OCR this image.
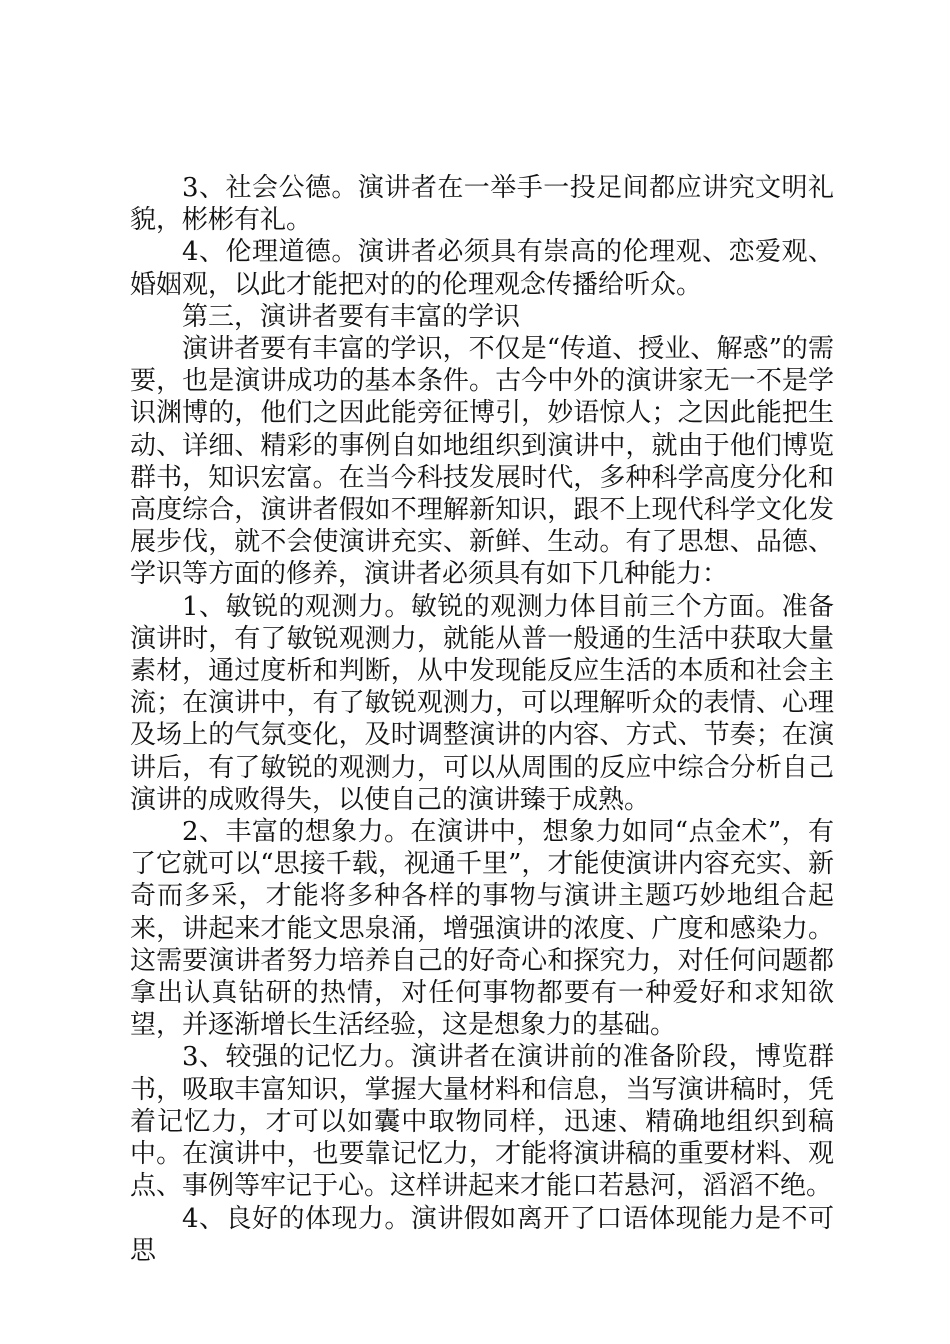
3、社会公德。演讲者在一举手一投足间都应讲究文明礼貌，彬彬有礼。

4、伦理道德。演讲者必须具有崇高的伦理观、恋爱观、婚姻观，以此才能把对的的伦理观念传播给听众。

第三，演讲者要有丰富的学识

演讲者要有丰富的学识，不仅是“传道、授业、解惑”的需要，也是演讲成功的基本条件。古今中外的演讲家无一不是学识渊博的，他们之因此能旁征博引，妙语惊人；之因此能把生动、详细、精彩的事例自如地组织到演讲中，就由于他们博览群书，知识宏富。在当今科技发展时代，多种科学高度分化和高度综合，演讲者假如不理解新知识，跟不上现代科学文化发展步伐，就不会使演讲充实、新鲜、生动。有了思想、品德、学识等方面的修养，演讲者必须具有如下几种能力：

1、敏锐的观测力。敏锐的观测力体目前三个方面。准备演讲时，有了敏锐观测力，就能从普一般通的生活中获取大量素材，通过度析和判断，从中发现能反应生活的本质和社会主流；在演讲中，有了敏锐观测力，可以理解听众的表情、心理及场上的气氛变化，及时调整演讲的内容、方式、节奏；在演讲后，有了敏锐的观测力，可以从周围的反应中综合分析自己演讲的成败得失，以使自己的演讲臻于成熟。

2、丰富的想象力。在演讲中，想象力如同“点金术”，有了它就可以“思接千载，视通千里”，才能使演讲内容充实、新奇而多采，才能将多种各样的事物与演讲主题巧妙地组合起来，讲起来才能文思泉涌，增强演讲的浓度、广度和感染力。这需要演讲者努力培养自己的好奇心和探究力，对任何问题都拿出认真钻研的热情，对任何事物都要有一种爱好和求知欲望，并逐渐增长生活经验，这是想象力的基础。

3、较强的记忆力。演讲者在演讲前的准备阶段，博览群书，吸取丰富知识，掌握大量材料和信息，当写演讲稿时，凭着记忆力，才可以如囊中取物同样，迅速、精确地组织到稿中。在演讲中，也要靠记忆力，才能将演讲稿的重要材料、观点、事例等牢记于心。这样讲起来才能口若悬河，滔滔不绝。

4、良好的体现力。演讲假如离开了口语体现能力是不可思
